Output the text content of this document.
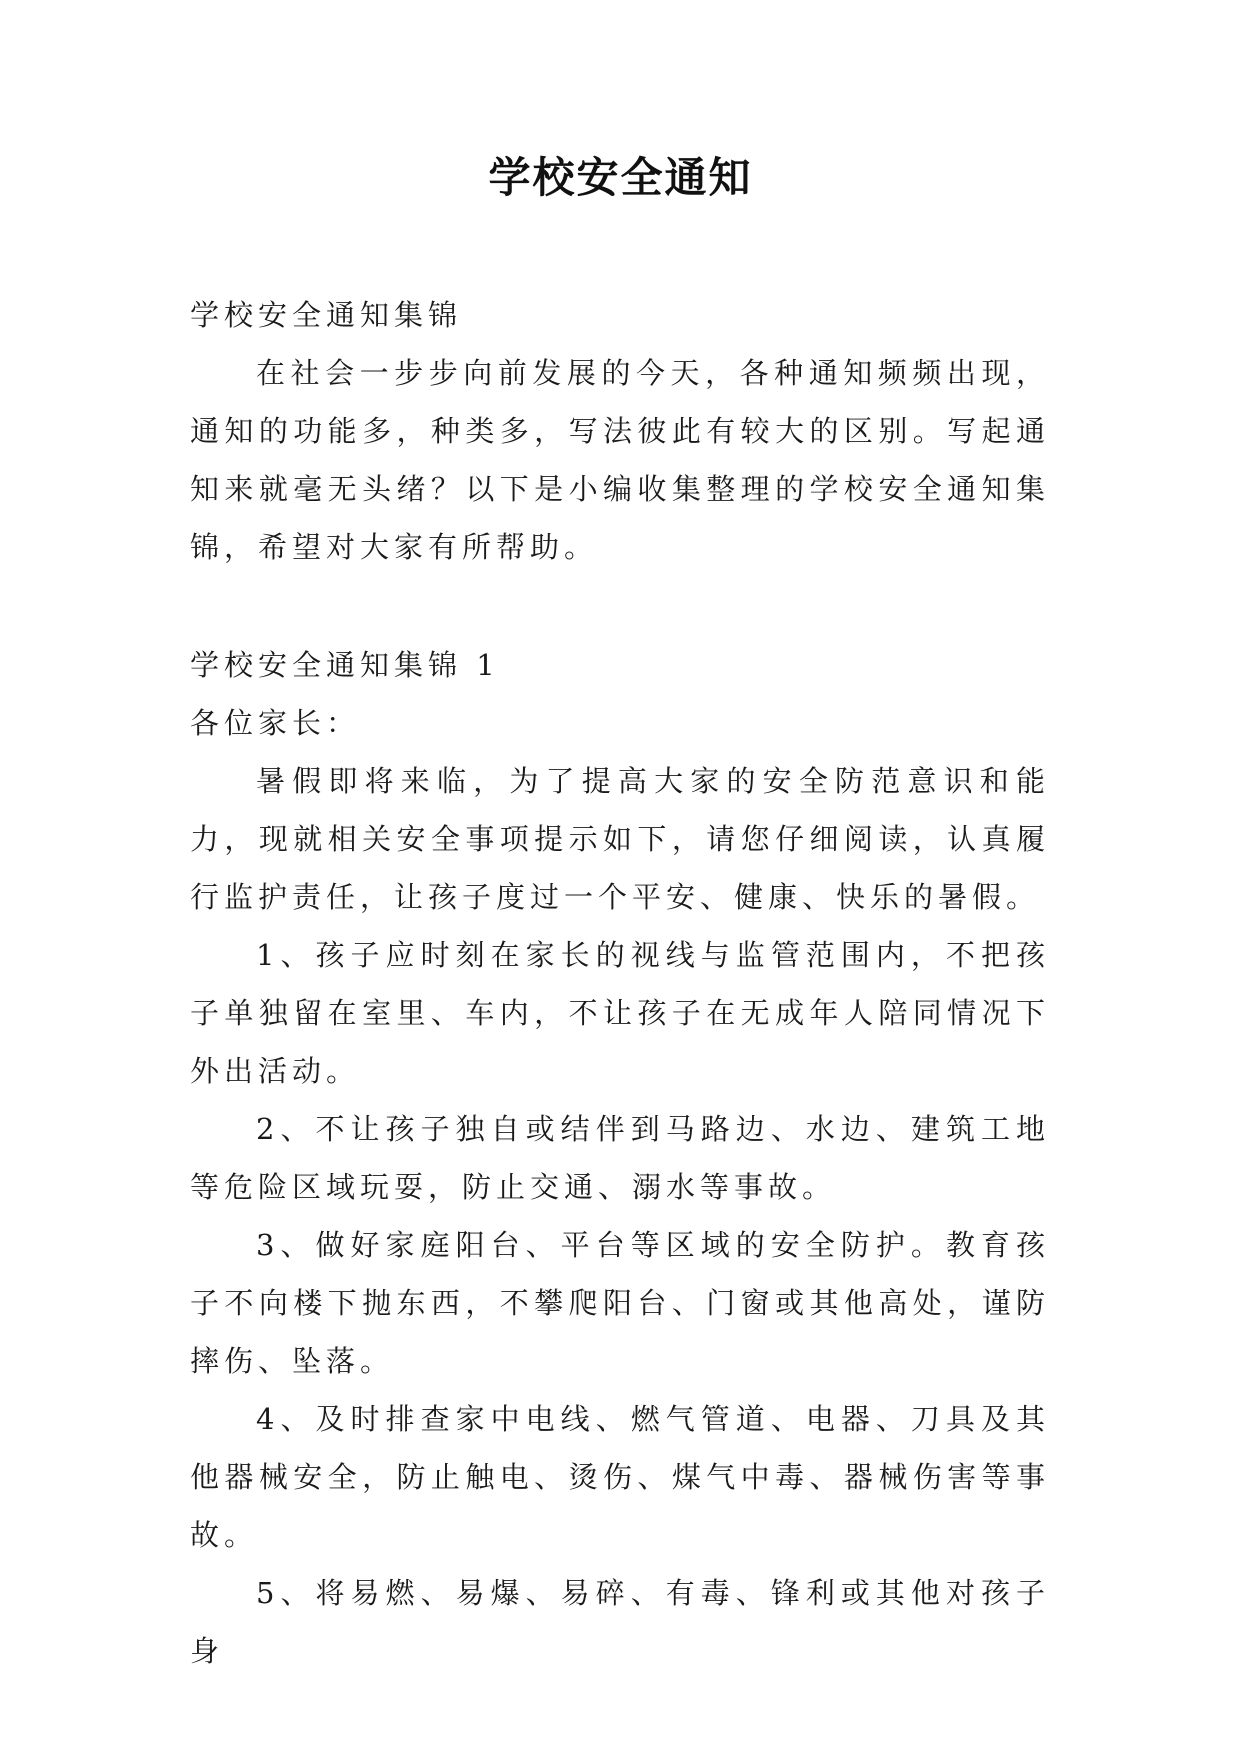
学校安全通知

学校安全通知集锦

在社会一步步向前发展的今天，各种通知频频出现，通知的功能多，种类多，写法彼此有较大的区别。写起通知来就毫无头绪？以下是小编收集整理的学校安全通知集锦，希望对大家有所帮助。

学校安全通知集锦 1

各位家长：

暑假即将来临，为了提高大家的安全防范意识和能力，现就相关安全事项提示如下，请您仔细阅读，认真履行监护责任，让孩子度过一个平安、健康、快乐的暑假。

1、孩子应时刻在家长的视线与监管范围内，不把孩子单独留在室里、车内，不让孩子在无成年人陪同情况下外出活动。

2、不让孩子独自或结伴到马路边、水边、建筑工地等危险区域玩耍，防止交通、溺水等事故。

3、做好家庭阳台、平台等区域的安全防护。教育孩子不向楼下抛东西，不攀爬阳台、门窗或其他高处，谨防摔伤、坠落。

4、及时排查家中电线、燃气管道、电器、刀具及其他器械安全，防止触电、烫伤、煤气中毒、器械伤害等事故。

5、将易燃、易爆、易碎、有毒、锋利或其他对孩子身
